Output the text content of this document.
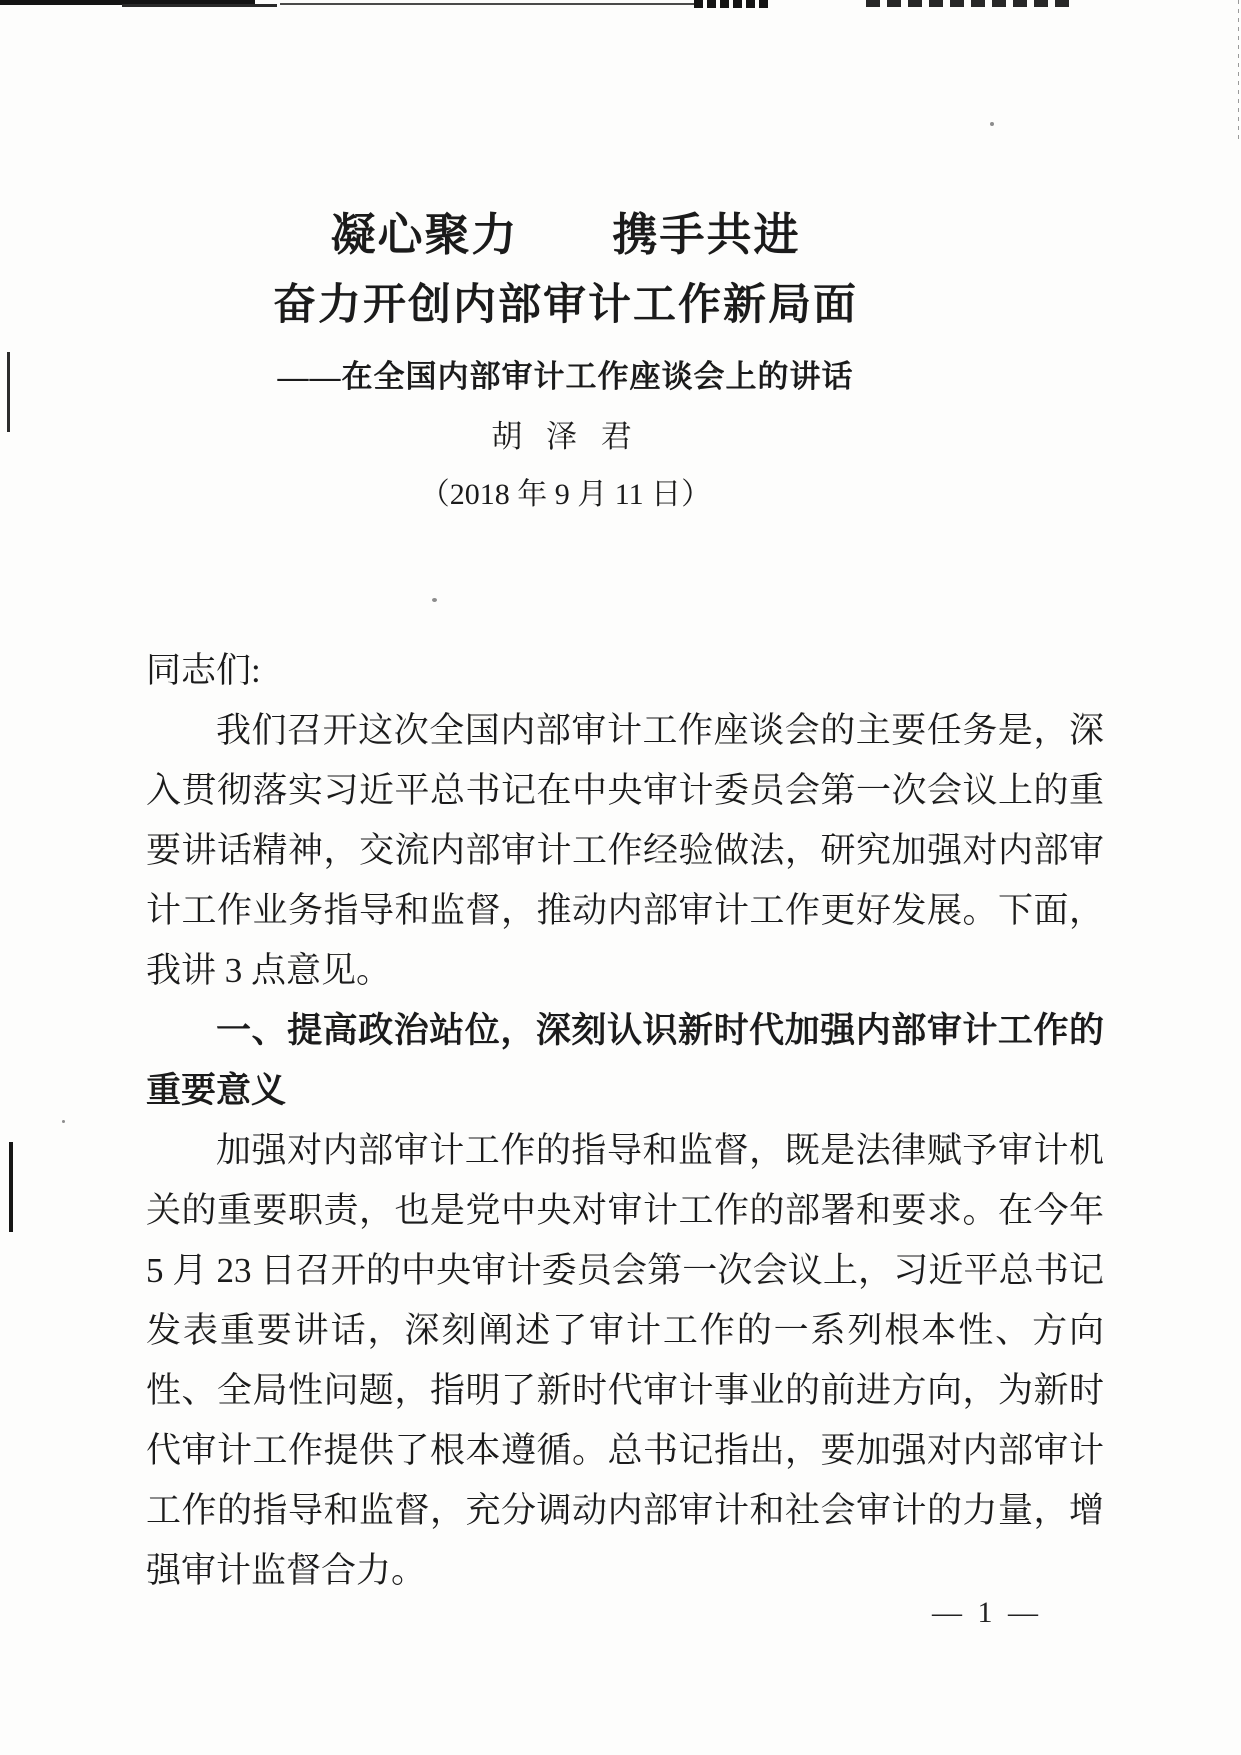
凝心聚力　　携手共进
奋力开创内部审计工作新局面
——在全国内部审计工作座谈会上的讲话
胡 泽 君
（2018 年 9 月 11 日）

同志们:

我们召开这次全国内部审计工作座谈会的主要任务是，深入贯彻落实习近平总书记在中央审计委员会第一次会议上的重要讲话精神，交流内部审计工作经验做法，研究加强对内部审计工作业务指导和监督，推动内部审计工作更好发展。下面，我讲 3 点意见。

一、提高政治站位，深刻认识新时代加强内部审计工作的重要意义

加强对内部审计工作的指导和监督，既是法律赋予审计机关的重要职责，也是党中央对审计工作的部署和要求。在今年 5 月 23 日召开的中央审计委员会第一次会议上，习近平总书记发表重要讲话，深刻阐述了审计工作的一系列根本性、方向性、全局性问题，指明了新时代审计事业的前进方向，为新时代审计工作提供了根本遵循。总书记指出，要加强对内部审计工作的指导和监督，充分调动内部审计和社会审计的力量，增强审计监督合力。

— 1 —
